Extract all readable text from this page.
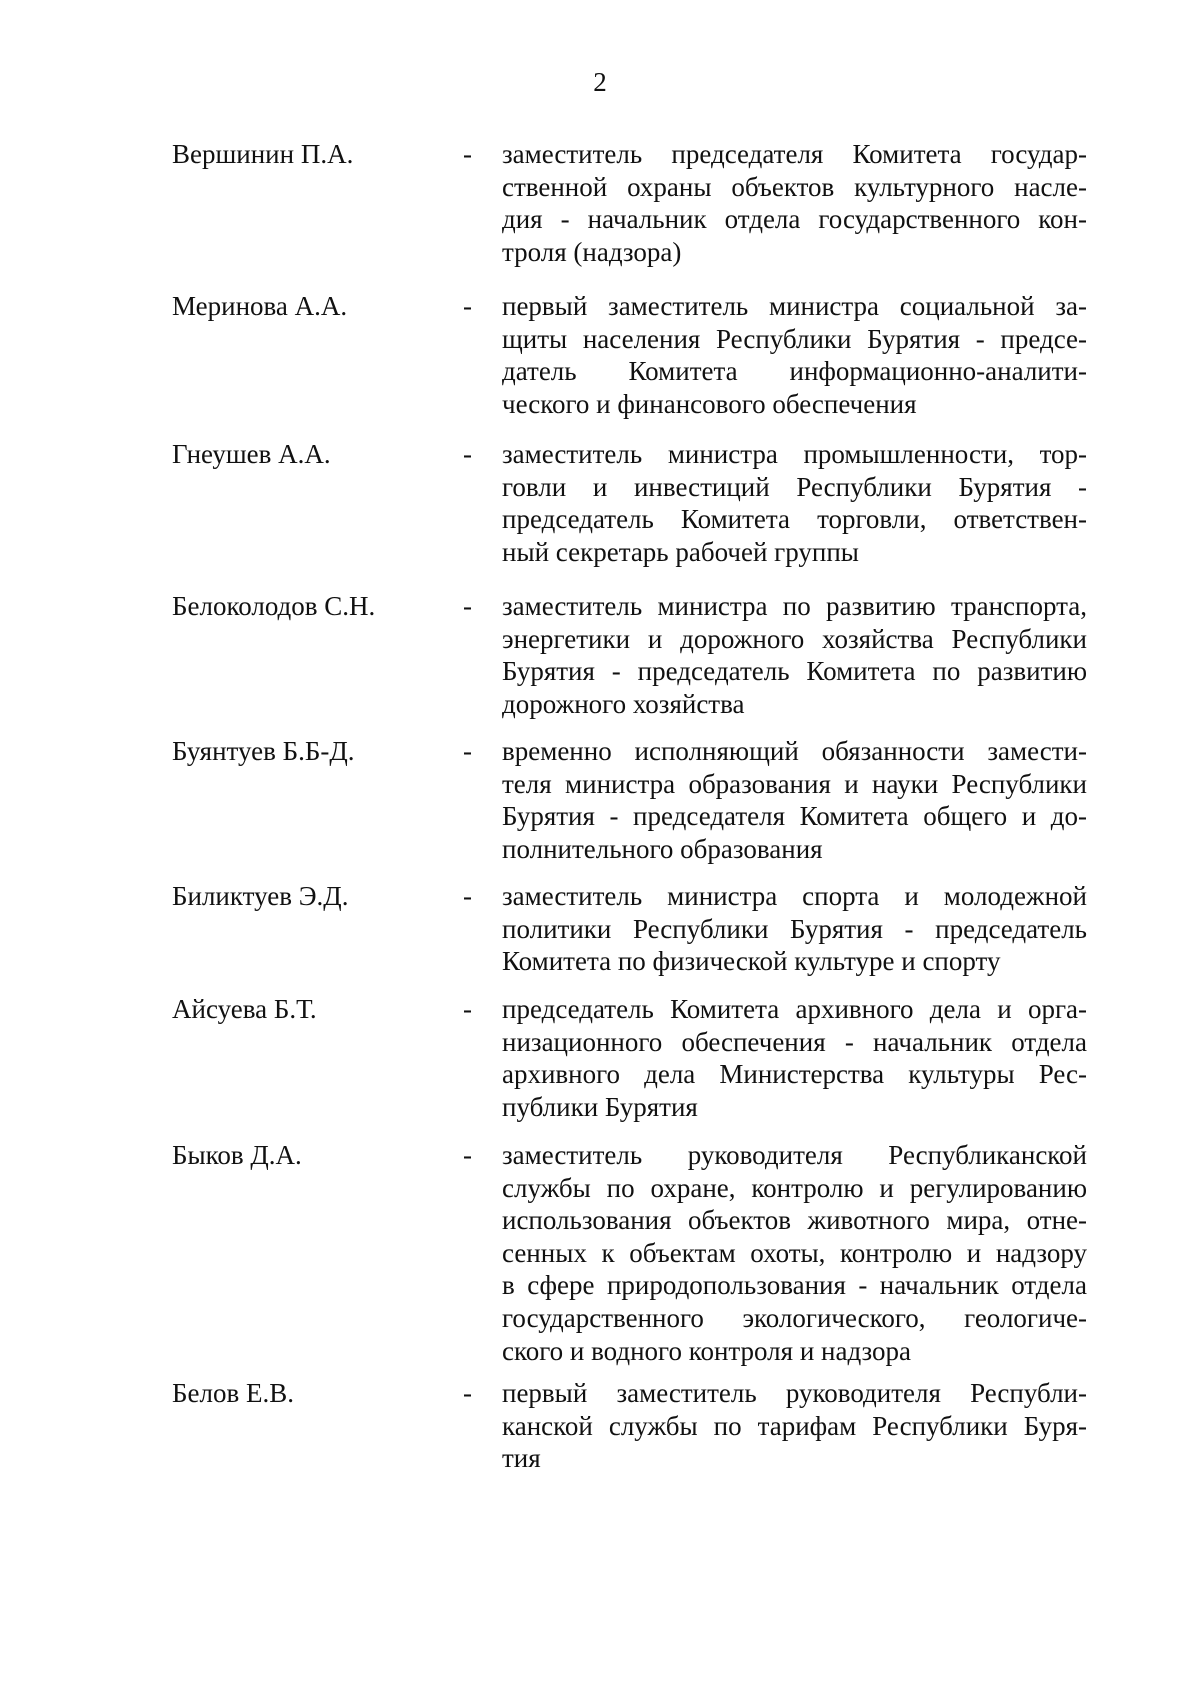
2
Вершинин П.А.	- заместитель председателя Комитета государ-
ственной охраны объектов культурного насле-
дия - начальник отдела государственного кон-
троля (надзора)
Меринова А.А.	- первый заместитель министра социальной за-
щиты населения Республики Бурятия - предсе-
датель Комитета информационно-аналити-
ческого и финансового обеспечения
Гнеушев А.А.	- заместитель министра промышленности, тор-
говли и инвестиций Республики Бурятия -
председатель Комитета торговли, ответствен-
ный секретарь рабочей группы
Белоколодов С.Н.	- заместитель министра по развитию транспорта,
энергетики и дорожного хозяйства Республики
Бурятия - председатель Комитета по развитию
дорожного хозяйства
Буянтуев Б.Б-Д.	- временно исполняющий обязанности замести-
теля министра образования и науки Республики
Бурятия - председателя Комитета общего и до-
полнительного образования
Биликтуев Э.Д.	- заместитель министра спорта и молодежной
политики Республики Бурятия - председатель
Комитета по физической культуре и спорту
Айсуева Б.Т.	- председатель Комитета архивного дела и орга-
низационного обеспечения - начальник отдела
архивного дела Министерства культуры Рес-
публики Бурятия
Быков Д.А.	- заместитель руководителя Республиканской
службы по охране, контролю и регулированию
использования объектов животного мира, отне-
сенных к объектам охоты, контролю и надзору
в сфере природопользования - начальник отдела
государственного экологического, геологиче-
ского и водного контроля и надзора
Белов Е.В.	- первый заместитель руководителя Республи-
канской службы по тарифам Республики Буря-
тия
